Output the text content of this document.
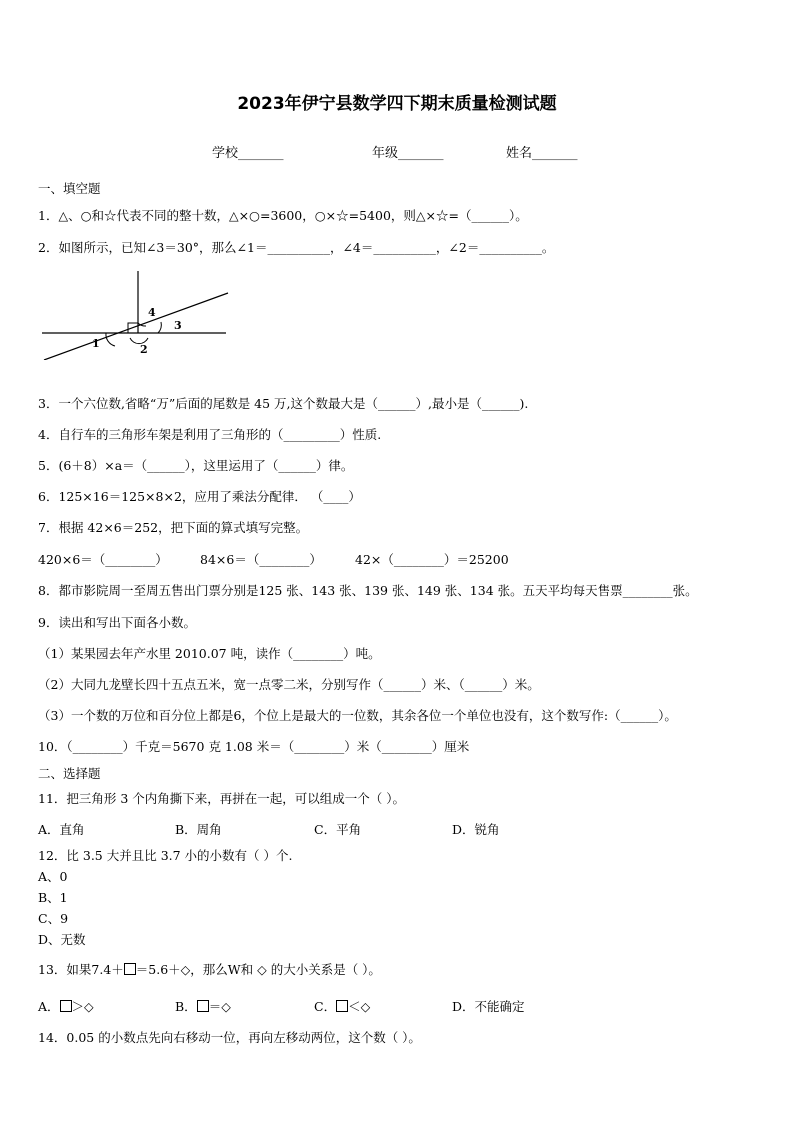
2023年伊宁县数学四下期末质量检测试题
学校_______	年级_______	姓名_______
一、填空题
1．△、○和☆代表不同的整十数，△×○=3600，○×☆=5400，则△×☆=（______）。
2．如图所示，已知∠3＝30°，那么∠1＝__________，∠4＝__________，∠2＝__________。
1	2
3
4
3．一个六位数,省略“万”后面的尾数是 45 万,这个数最大是（______）,最小是（______).
4．自行车的三角形车架是利用了三角形的（_________）性质.
5．(6＋8）×a＝（______），这里运用了（______）律。
6．125×16＝125×8×2，应用了乘法分配律． （____）
7．根据 42×6＝252，把下面的算式填写完整。
420×6＝（________）	84×6＝（________）	42×（________）＝25200
8．都市影院周一至周五售出门票分别是125 张、143 张、139 张、149 张、134 张。五天平均每天售票________张。
9．读出和写出下面各小数。
（1）某果园去年产水里 2010.07 吨，读作（________）吨。
（2）大同九龙壁长四十五点五米，宽一点零二米，分别写作（______）米、（______）米。
（3）一个数的万位和百分位上都是6，个位上是最大的一位数，其余各位一个单位也没有，这个数写作:（______）。
10．（________）千克＝5670 克 1.08 米＝（________）米（________）厘米
二、选择题
11．把三角形 3 个内角撕下来，再拼在一起，可以组成一个（ ）。
A．直角	B．周角	C．平角	D．锐角
12．比 3.5 大并且比 3.7 小的小数有（ ）个.
A、0
B、1
C、9
D、无数
13．如果7.4＋ ＝5.6＋◇，那么W和 ◇ 的大小关系是（ ）。
A． ＞◇	B． ＝◇	C． ＜◇	D．不能确定
14．0.05 的小数点先向右移动一位，再向左移动两位，这个数（ ）。
